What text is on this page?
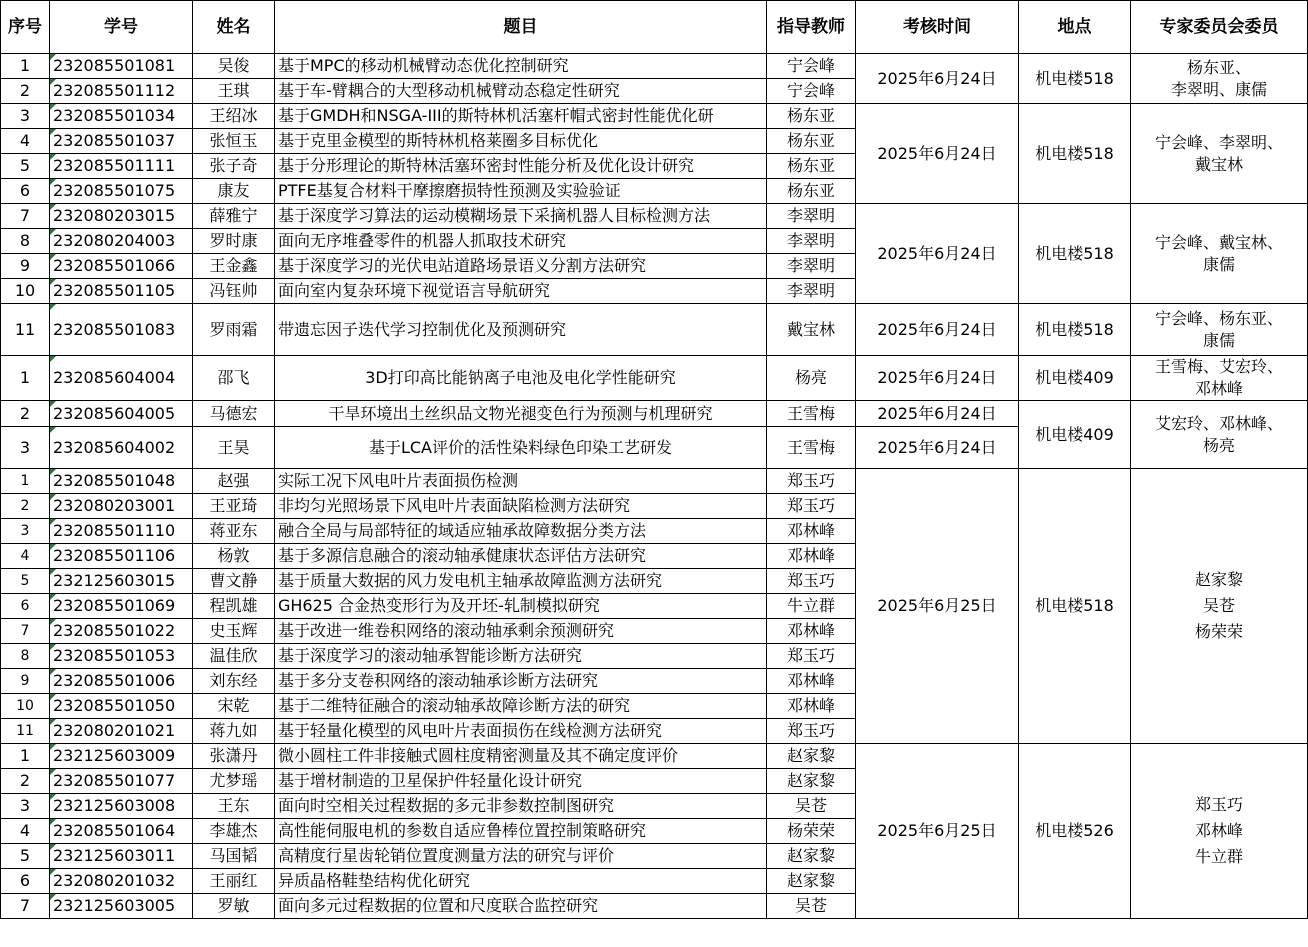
序号	学号	姓名	题目	指导教师	考核时间	地点	专家委员会委员
1	232085501081	吴俊	基于MPC的移动机械臂动态优化控制研究	宁会峰	2025年6月24日	机电楼518	杨东亚、
李翠明、康儒
2	232085501112	王琪	基于车-臂耦合的大型移动机械臂动态稳定性研究	宁会峰			
3	232085501034	王绍冰	基于GMDH和NSGA-III的斯特林机活塞杆帽式密封性能优化研	杨东亚	2025年6月24日	机电楼518	宁会峰、李翠明、
戴宝林
4	232085501037	张恒玉	基于克里金模型的斯特林机格莱圈多目标优化	杨东亚			
5	232085501111	张子奇	基于分形理论的斯特林活塞环密封性能分析及优化设计研究	杨东亚			
6	232085501075	康友	PTFE基复合材料干摩擦磨损特性预测及实验验证	杨东亚			
7	232080203015	薛雅宁	基于深度学习算法的运动模糊场景下采摘机器人目标检测方法	李翠明	2025年6月24日	机电楼518	宁会峰、戴宝林、
康儒
8	232080204003	罗时康	面向无序堆叠零件的机器人抓取技术研究	李翠明			
9	232085501066	王金鑫	基于深度学习的光伏电站道路场景语义分割方法研究	李翠明			
10	232085501105	冯钰帅	面向室内复杂环境下视觉语言导航研究	李翠明			
11	232085501083	罗雨霜	带遗忘因子迭代学习控制优化及预测研究	戴宝林	2025年6月24日	机电楼518	宁会峰、杨东亚、
康儒
1	232085604004	邵飞	3D打印高比能钠离子电池及电化学性能研究	杨亮	2025年6月24日	机电楼409	王雪梅、艾宏玲、
邓林峰
2	232085604005	马德宏	干旱环境出土丝织品文物光褪变色行为预测与机理研究	王雪梅	2025年6月24日	机电楼409	艾宏玲、邓林峰、
杨亮
3	232085604002	王昊	基于LCA评价的活性染料绿色印染工艺研发	王雪梅	2025年6月24日		
1	232085501048	赵强	实际工况下风电叶片表面损伤检测	郑玉巧	2025年6月25日	机电楼518	赵家黎
吴苍
杨荣荣
2	232080203001	王亚琦	非均匀光照场景下风电叶片表面缺陷检测方法研究	郑玉巧			
3	232085501110	蒋亚东	融合全局与局部特征的域适应轴承故障数据分类方法	邓林峰			
4	232085501106	杨敦	基于多源信息融合的滚动轴承健康状态评估方法研究	邓林峰			
5	232125603015	曹文静	基于质量大数据的风力发电机主轴承故障监测方法研究	郑玉巧			
6	232085501069	程凯雄	GH625 合金热变形行为及开坯-轧制模拟研究	牛立群			
7	232085501022	史玉辉	基于改进一维卷积网络的滚动轴承剩余预测研究	邓林峰			
8	232085501053	温佳欣	基于深度学习的滚动轴承智能诊断方法研究	郑玉巧			
9	232085501006	刘东经	基于多分支卷积网络的滚动轴承诊断方法研究	邓林峰			
10	232085501050	宋乾	基于二维特征融合的滚动轴承故障诊断方法的研究	邓林峰			
11	232080201021	蒋九如	基于轻量化模型的风电叶片表面损伤在线检测方法研究	郑玉巧			
1	232125603009	张潇丹	微小圆柱工件非接触式圆柱度精密测量及其不确定度评价	赵家黎	2025年6月25日	机电楼526	郑玉巧
邓林峰
牛立群
2	232085501077	尤梦瑶	基于增材制造的卫星保护件轻量化设计研究	赵家黎			
3	232125603008	王东	面向时空相关过程数据的多元非参数控制图研究	吴苍			
4	232085501064	李雄杰	高性能伺服电机的参数自适应鲁棒位置控制策略研究	杨荣荣			
5	232125603011	马国韬	高精度行星齿轮销位置度测量方法的研究与评价	赵家黎			
6	232080201032	王丽红	异质晶格鞋垫结构优化研究	赵家黎			
7	232125603005	罗敏	面向多元过程数据的位置和尺度联合监控研究	吴苍			
